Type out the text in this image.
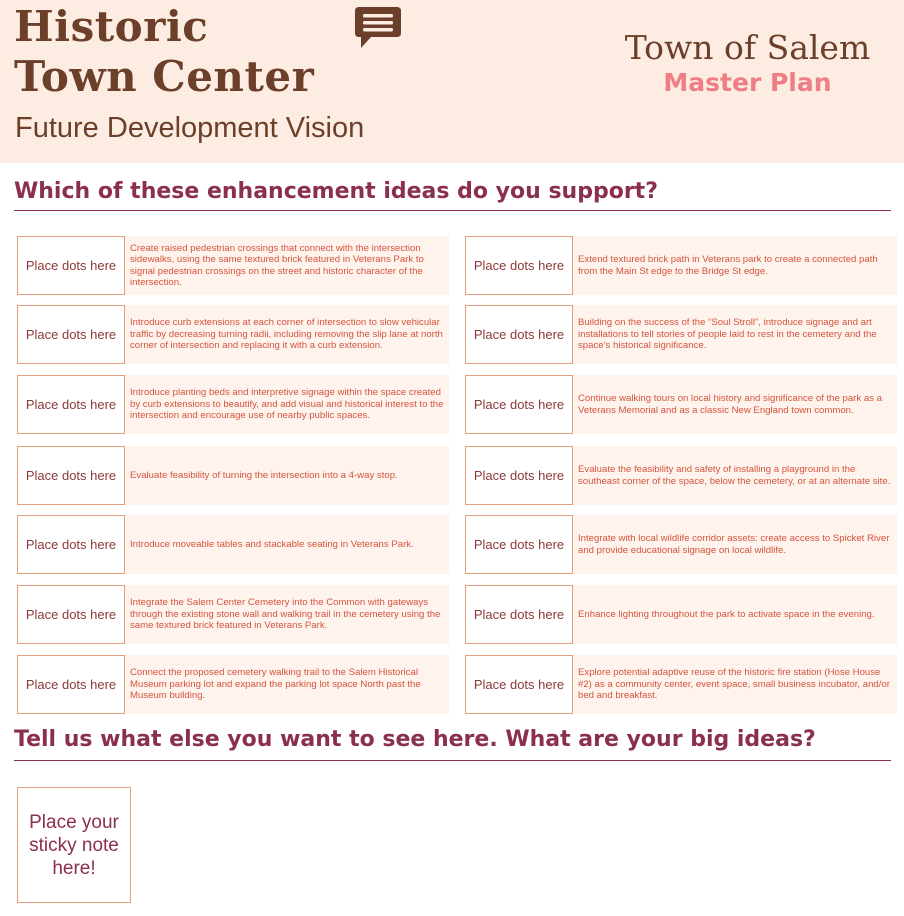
Historic
Town Center
Future Development Vision
Town of Salem
Master Plan
Which of these enhancement ideas do you support?
Place dots here
Create raised pedestrian crossings that connect with the intersection sidewalks, using the same textured brick featured in Veterans Park to signal pedestrian crossings on the street and historic character of the intersection.
Place dots here
Introduce curb extensions at each corner of intersection to slow vehicular traffic by decreasing turning radii, including removing the slip lane at north corner of intersection and replacing it with a curb extension.
Place dots here
Introduce planting beds and interpretive signage within the space created by curb extensions to beautify, and add visual and historical interest to the intersection and encourage use of nearby public spaces.
Place dots here	Evaluate feasibility of turning the intersection into a 4-way stop.
Place dots here	Introduce moveable tables and stackable seating in Veterans Park.
Place dots here
Integrate the Salem Center Cemetery into the Common with gateways through the existing stone wall and walking trail in the cemetery using the same textured brick featured in Veterans Park.
Place dots here
Connect the proposed cemetery walking trail to the Salem Historical Museum parking lot and expand the parking lot space North past the Museum building.
Place dots here	Extend textured brick path in Veterans park to create a connected path from the Main St edge to the Bridge St edge.
Place dots here
Building on the success of the “Soul Stroll”, introduce signage and art installations to tell stories of people laid to rest in the cemetery and the space’s historical significance.
Place dots here	Continue walking tours on local history and significance of the park as a Veterans Memorial and as a classic New England town common.
Place dots here	Evaluate the feasibility and safety of installing a playground in the southeast corner of the space, below the cemetery, or at an alternate site.
Place dots here	Integrate with local wildlife corridor assets: create access to Spicket River and provide educational signage on local wildlife.
Place dots here	Enhance lighting throughout the park to activate space in the evening.
Place dots here
Explore potential adaptive reuse of the historic fire station (Hose House #2) as a community center, event space, small business incubator, and/or bed and breakfast.
Tell us what else you want to see here. What are your big ideas?
Place your sticky note here!
